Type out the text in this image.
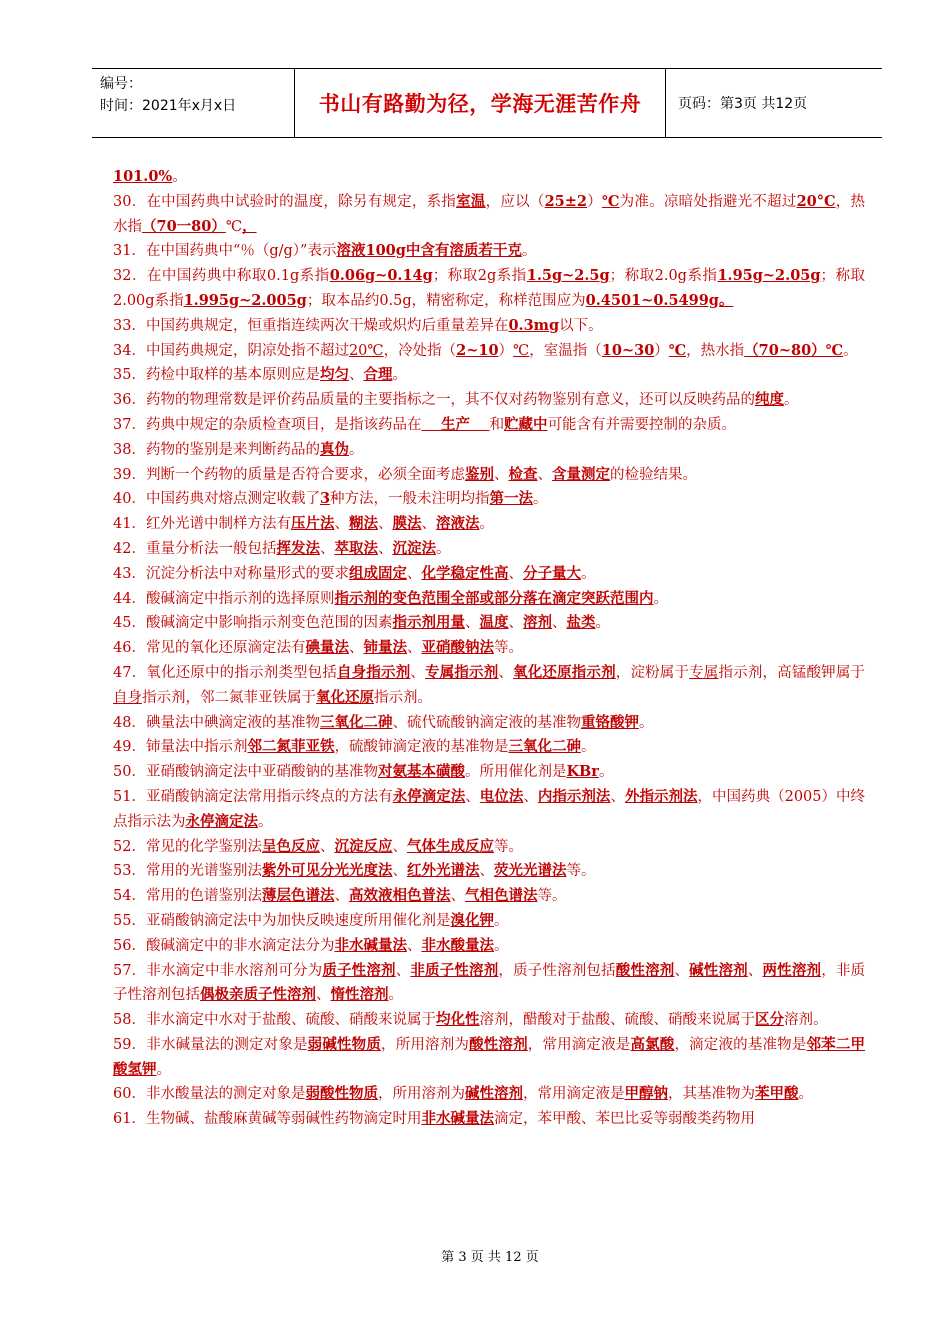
编号：
时间：2021年x月x日	书山有路勤为径，学海无涯苦作舟	页码：第3页 共12页

101.0%。

30．在中国药典中试验时的温度，除另有规定，系指室温，应以（25±2）℃为准。凉暗处指避光不超过20°C，热水指（70一80）℃，

31．在中国药典中“％（g/g）”表示溶液100g中含有溶质若干克。

32．在中国药典中称取0.1g系指0.06g~0.14g；称取2g系指1.5g~2.5g；称取2.0g系指1.95g~2.05g；称取2.00g系指1.995g~2.005g；取本品约0.5g，精密称定，称样范围应为0.4501~0.5499g。

33．中国药典规定，恒重指连续两次干燥或炽灼后重量差异在0.3mg以下。

34．中国药典规定，阴凉处指不超过20℃，冷处指（2~10）℃，室温指（10~30）℃，热水指（70~80）℃。

35．药检中取样的基本原则应是均匀、合理。

36．药物的物理常数是评价药品质量的主要指标之一，其不仅对药物鉴别有意义，还可以反映药品的纯度。

37．药典中规定的杂质检查项目，是指该药品在　 生产 　和贮藏中可能含有并需要控制的杂质。

38．药物的鉴别是来判断药品的真伪。

39．判断一个药物的质量是否符合要求，必须全面考虑鉴别、检查、含量测定的检验结果。

40．中国药典对熔点测定收载了3种方法，一般未注明均指第一法。

41．红外光谱中制样方法有压片法、糊法、膜法、溶液法。

42．重量分析法一般包括挥发法、萃取法、沉淀法。

43．沉淀分析法中对称量形式的要求组成固定、化学稳定性高、分子量大。

44．酸碱滴定中指示剂的选择原则指示剂的变色范围全部或部分落在滴定突跃范围内。

45．酸碱滴定中影响指示剂变色范围的因素指示剂用量、温度、溶剂、盐类。

46．常见的氧化还原滴定法有碘量法、铈量法、亚硝酸钠法等。

47．氧化还原中的指示剂类型包括自身指示剂、专属指示剂、氧化还原指示剂，淀粉属于专属指示剂，高锰酸钾属于自身指示剂，邻二氮菲亚铁属于氧化还原指示剂。

48．碘量法中碘滴定液的基准物三氧化二砷、硫代硫酸钠滴定液的基准物重铬酸钾。

49．铈量法中指示剂邻二氮菲亚铁，硫酸铈滴定液的基准物是三氧化二砷。

50．亚硝酸钠滴定法中亚硝酸钠的基准物对氨基本磺酸。所用催化剂是KBr。

51．亚硝酸钠滴定法常用指示终点的方法有永停滴定法、电位法、内指示剂法、外指示剂法，中国药典（2005）中终点指示法为永停滴定法。

52．常见的化学鉴别法呈色反应、沉淀反应、气体生成反应等。

53．常用的光谱鉴别法紫外可见分光光度法、红外光谱法、荧光光谱法等。

54．常用的色谱鉴别法薄层色谱法、高效液相色普法、气相色谱法等。

55．亚硝酸钠滴定法中为加快反映速度所用催化剂是溴化钾。

56．酸碱滴定中的非水滴定法分为非水碱量法、非水酸量法。

57．非水滴定中非水溶剂可分为质子性溶剂、非质子性溶剂，质子性溶剂包括酸性溶剂、碱性溶剂、两性溶剂，非质子性溶剂包括偶极亲质子性溶剂、惰性溶剂。

58．非水滴定中水对于盐酸、硫酸、硝酸来说属于均化性溶剂，醋酸对于盐酸、硫酸、硝酸来说属于区分溶剂。

59．非水碱量法的测定对象是弱碱性物质，所用溶剂为酸性溶剂，常用滴定液是高氯酸，滴定液的基准物是邻苯二甲酸氢钾。

60．非水酸量法的测定对象是弱酸性物质，所用溶剂为碱性溶剂，常用滴定液是甲醇钠，其基准物为苯甲酸。

61．生物碱、盐酸麻黄碱等弱碱性药物滴定时用非水碱量法滴定，苯甲酸、苯巴比妥等弱酸类药物用

第 3 页 共 12 页
